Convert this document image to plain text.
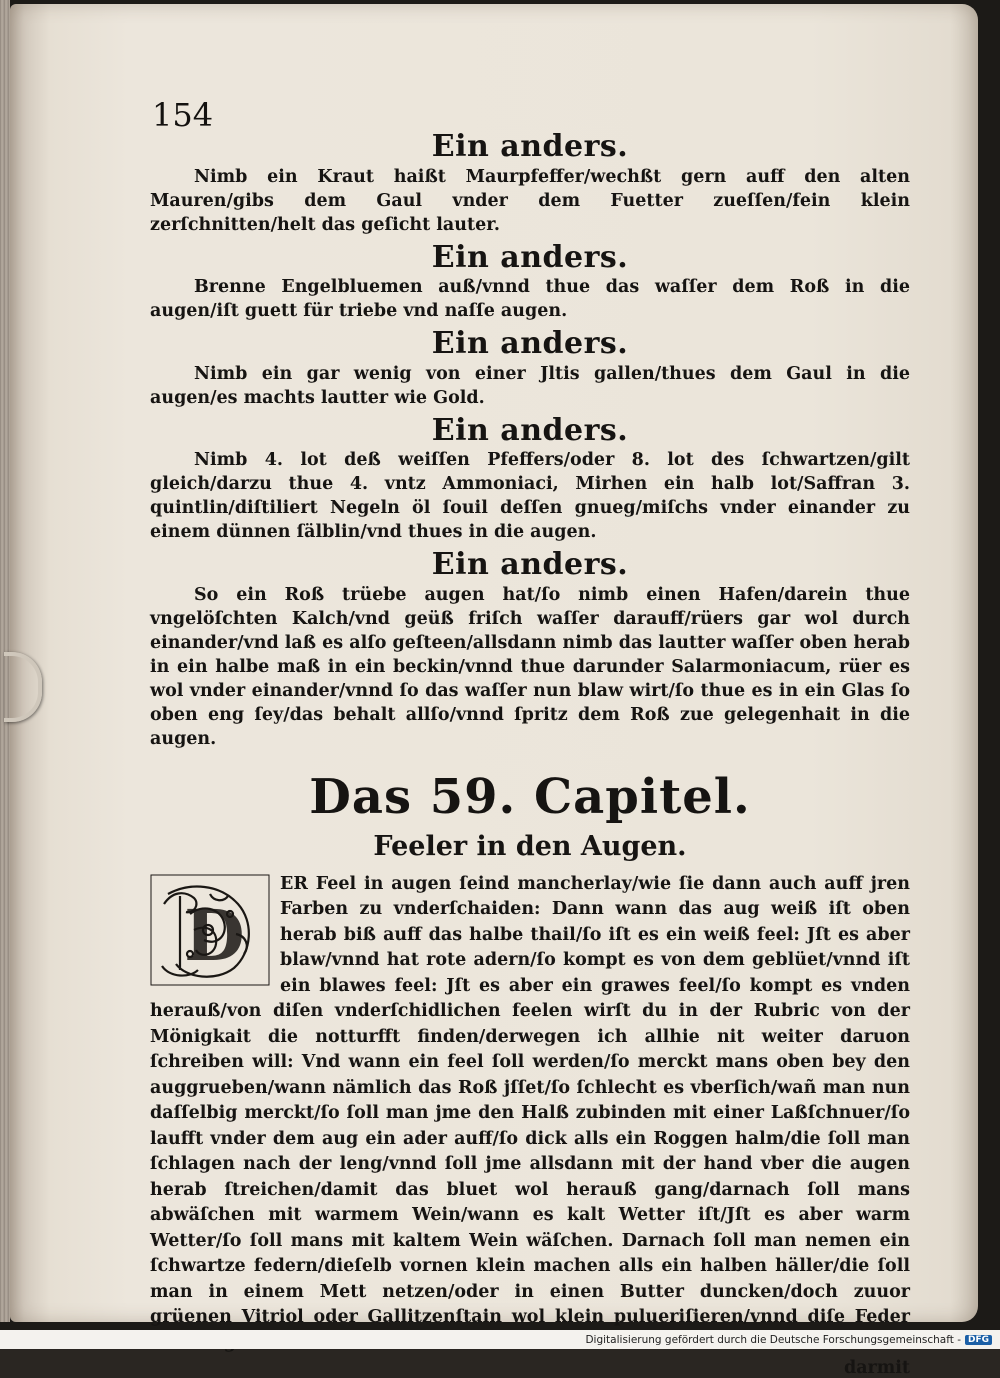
154
Ein anders.

Nimb ein Kraut haißt Maurpfeffer/wechßt gern auff den alten Mauren/gibs dem Gaul vnder dem Fuetter zueſſen/fein klein zerſchnitten/helt das geſicht lauter.

Ein anders.

Brenne Engelbluemen auß/vnnd thue das waſſer dem Roß in die augen/iſt guett für triebe vnd naſſe augen.

Ein anders.

Nimb ein gar wenig von einer Jltis gallen/thues dem Gaul in die augen/es machts lautter wie Gold.

Ein anders.

Nimb 4. lot deß weiſſen Pfeffers/oder 8. lot des ſchwartzen/gilt gleich/darzu thue 4. vntz Ammoniaci, Mirhen ein halb lot/Saffran 3. quintlin/diſtiliert Negeln öl ſouil deſſen gnueg/miſchs vnder einander zu einem dünnen ſälblin/vnd thues in die augen.

Ein anders.

So ein Roß trüebe augen hat/ſo nimb einen Hafen/darein thue vngelöſchten Kalch/vnd geüß friſch waſſer darauff/rüers gar wol durch einander/vnd laß es alſo geſteen/allsdann nimb das lautter waſſer oben herab in ein halbe maß in ein beckin/vnnd thue darunder Salarmoniacum, rüer es wol vnder einander/vnnd ſo das waſſer nun blaw wirt/ſo thue es in ein Glas ſo oben eng ſey/das behalt allſo/vnnd ſpritz dem Roß zue gelegenhait in die augen.

Das 59. Capitel.
Feeler in den Augen.
D

ER Feel in augen ſeind mancherlay/wie ſie dann auch auff jren Farben zu vnderſchaiden: Dann wann das aug weiß iſt oben herab biß auff das halbe thail/ſo iſt es ein weiß feel: Jſt es aber blaw/vnnd hat rote adern/ſo kompt es von dem geblüet/vnnd iſt ein blawes feel: Jſt es aber ein grawes feel/ſo kompt es vnden herauß/von diſen vnderſchidlichen feelen wirſt du in der Rubric von der Mönigkait die notturfft finden/derwegen ich allhie nit weiter daruon ſchreiben will: Vnd wann ein feel ſoll werden/ſo merckt mans oben bey den auggrueben/wann nämlich das Roß jſſet/ſo ſchlecht es vberſich/wañ man nun daſſelbig merckt/ſo ſoll man jme den Halß zubinden mit einer Laßſchnuer/ſo laufft vnder dem aug ein ader auff/ſo dick alls ein Roggen halm/die ſoll man ſchlagen nach der leng/vnnd ſoll jme allsdann mit der hand vber die augen herab ſtreichen/damit das bluet wol herauß gang/darnach ſoll mans abwäſchen mit warmem Wein/wann es kalt Wetter iſt/Jſt es aber warm Wetter/ſo ſoll mans mit kaltem Wein wäſchen. Darnach ſoll man nemen ein ſchwartze federn/dieſelb vornen klein machen alls ein halben häller/die ſoll man in einem Mett netzen/oder in einen Butter duncken/doch zuuor grüenen Vitriol oder Gallitzenſtain wol klein pulueriſieren/vnnd diſe Feder

darmit
Digitalisierung gefördert durch die Deutsche Forschungsgemeinschaft - DFG
